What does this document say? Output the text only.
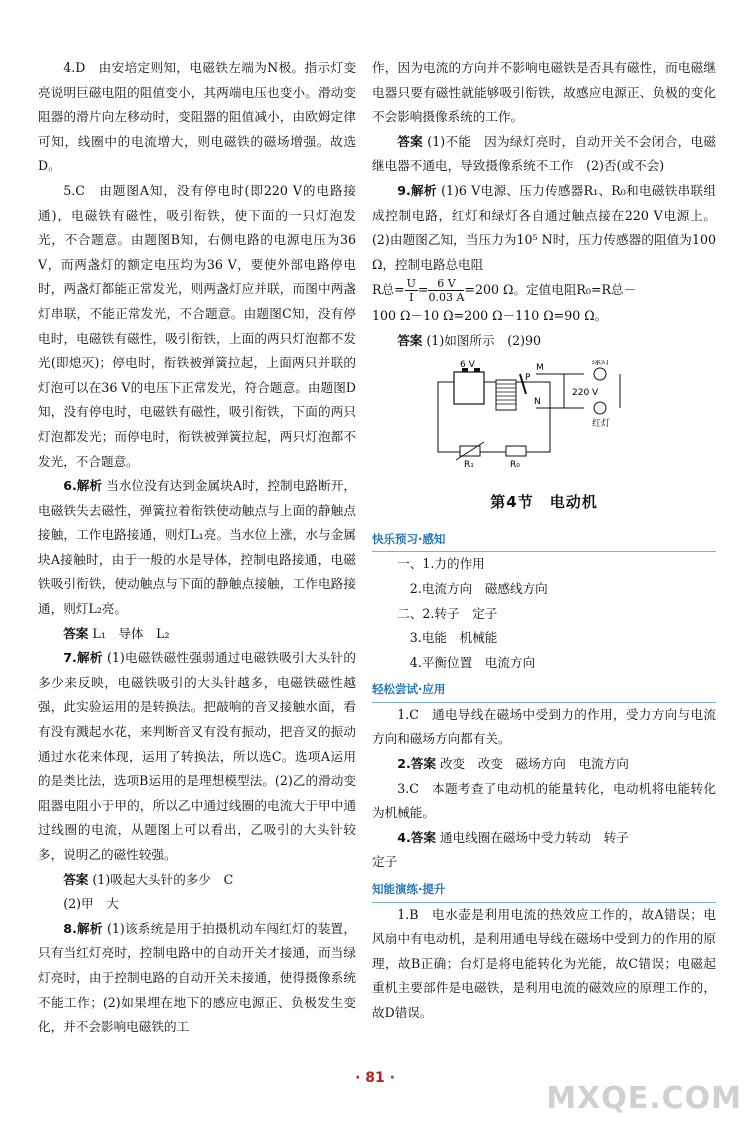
4.D　由安培定则知，电磁铁左端为N极。指示灯变亮说明巨磁电阻的阻值变小，其两端电压也变小。滑动变阻器的滑片向左移动时，变阻器的阻值减小，由欧姆定律可知，线圈中的电流增大，则电磁铁的磁场增强。故选D。

5.C　由题图A知，没有停电时(即220 V的电路接通)，电磁铁有磁性，吸引衔铁，使下面的一只灯泡发光，不合题意。由题图B知，右侧电路的电源电压为36 V，而两盏灯的额定电压均为36 V，要使外部电路停电时，两盏灯都能正常发光，则两盏灯应并联，而图中两盏灯串联，不能正常发光，不合题意。由题图C知，没有停电时，电磁铁有磁性，吸引衔铁，上面的两只灯泡都不发光(即熄灭)；停电时，衔铁被弹簧拉起，上面两只并联的灯泡可以在36 V的电压下正常发光，符合题意。由题图D知，没有停电时，电磁铁有磁性，吸引衔铁，下面的两只灯泡都发光；而停电时，衔铁被弹簧拉起，两只灯泡都不发光，不合题意。

6.解析 当水位没有达到金属块A时，控制电路断开，电磁铁失去磁性，弹簧拉着衔铁使动触点与上面的静触点接触，工作电路接通，则灯L₁亮。当水位上涨，水与金属块A接触时，由于一般的水是导体，控制电路接通，电磁铁吸引衔铁，使动触点与下面的静触点接触，工作电路接通，则灯L₂亮。

答案 L₁　导体　L₂

7.解析 (1)电磁铁磁性强弱通过电磁铁吸引大头针的多少来反映，电磁铁吸引的大头针越多，电磁铁磁性越强，此实验运用的是转换法。把敲响的音叉接触水面，看有没有溅起水花，来判断音叉有没有振动，把音叉的振动通过水花来体现，运用了转换法，所以选C。选项A运用的是类比法，选项B运用的是理想模型法。(2)乙的滑动变阻器电阻小于甲的，所以乙中通过线圈的电流大于甲中通过线圈的电流，从题图上可以看出，乙吸引的大头针较多，说明乙的磁性较强。

答案 (1)吸起大头针的多少　C

(2)甲　大

8.解析 (1)该系统是用于拍摄机动车闯红灯的装置，只有当红灯亮时，控制电路中的自动开关才接通，而当绿灯亮时，由于控制电路的自动开关未接通，使得摄像系统不能工作；(2)如果埋在地下的感应电源正、负极发生变化，并不会影响电磁铁的工

作，因为电流的方向并不影响电磁铁是否具有磁性，而电磁继电器只要有磁性就能够吸引衔铁，故感应电源正、负极的变化不会影响摄像系统的工作。

答案 (1)不能　因为绿灯亮时，自动开关不会闭合，电磁继电器不通电，导致摄像系统不工作　(2)否(或不会)

9.解析 (1)6 V电源、压力传感器R₁、R₀和电磁铁串联组成控制电路，红灯和绿灯各自通过触点接在220 V电源上。(2)由题图乙知，当压力为10⁵ N时，压力传感器的阻值为100 Ω，控制电路总电阻

R总= $\frac{U}{I} = \frac{6 V}{0.03 A} =200$ Ω。定值电阻R₀=R总－

100 Ω－10 Ω=200 Ω－110 Ω=90 Ω。

答案 (1)如图所示　(2)90

6 V	M
P
N
R₁	R₀
220 V
绿灯
红灯
第4节　电动机
快乐预习·感知

一、1.力的作用

2.电流方向　磁感线方向

二、2.转子　定子

3.电能　机械能

4.平衡位置　电流方向

轻松尝试·应用

1.C　通电导线在磁场中受到力的作用，受力方向与电流方向和磁场方向都有关。

2.答案 改变　改变　磁场方向　电流方向

3.C　本题考查了电动机的能量转化，电动机将电能转化为机械能。

4.答案 通电线圈在磁场中受力转动　转子

定子

知能演练·提升

1.B　电水壶是利用电流的热效应工作的，故A错误；电风扇中有电动机，是利用通电导线在磁场中受到力的作用的原理，故B正确；台灯是将电能转化为光能，故C错误；电磁起重机主要部件是电磁铁，是利用电流的磁效应的原理工作的，故D错误。

· 81 ·
MXQE.COM
